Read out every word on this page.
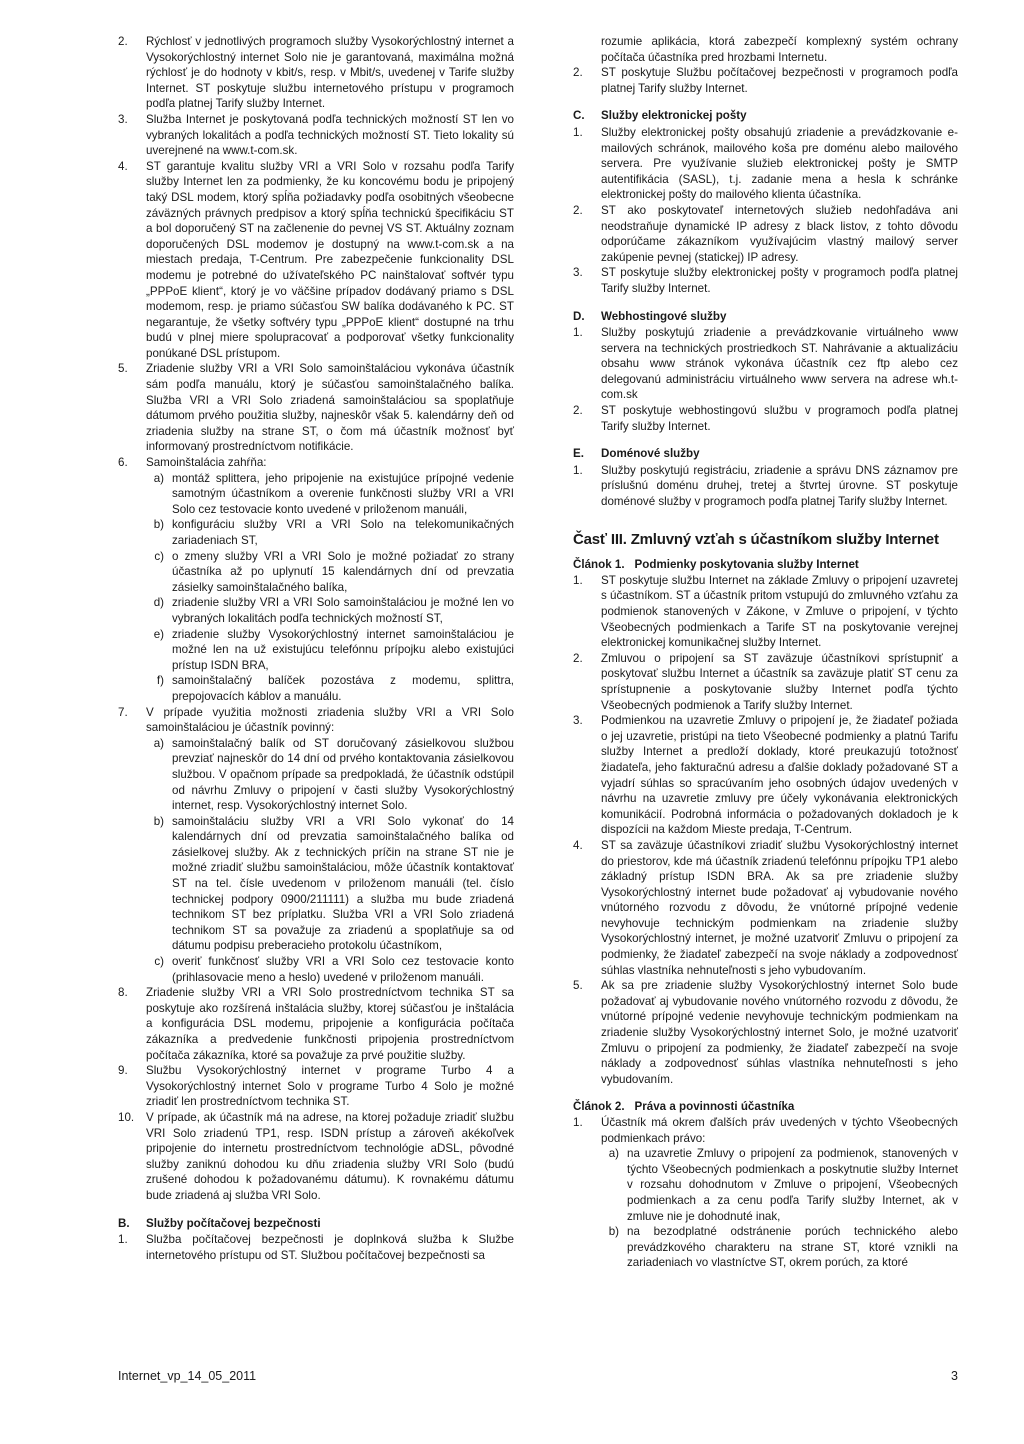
2.	Rýchlosť v jednotlivých programoch služby Vysokorýchlostný internet a Vysokorýchlostný internet Solo nie je garantovaná, maximálna možná rýchlosť je do hodnoty v kbit/s, resp. v Mbit/s, uvedenej v Tarife služby Internet. ST poskytuje službu internetového prístupu v programoch podľa platnej Tarify služby Internet.
3.	Služba Internet je poskytovaná podľa technických možností ST len vo vybraných lokalitách a podľa technických možností ST. Tieto lokality sú uverejnené na www.t-com.sk.
4.	ST garantuje kvalitu služby VRI a VRI Solo v rozsahu podľa Tarify služby Internet len za podmienky, že ku koncovému bodu je pripojený taký DSL modem, ktorý spĺňa požiadavky podľa osobitných všeobecne záväzných právnych predpisov a ktorý spĺňa technickú špecifikáciu ST a bol doporučený ST na začlenenie do pevnej VS ST. Aktuálny zoznam doporučených DSL modemov je dostupný na www.t-com.sk a na miestach predaja, T-Centrum. Pre zabezpečenie funkcionality DSL modemu je potrebné do užívateľského PC nainštalovať softvér typu „PPPoE klient“, ktorý je vo väčšine prípadov dodávaný priamo s DSL modemom, resp. je priamo súčasťou SW balíka dodávaného k PC. ST negarantuje, že všetky softvéry typu „PPPoE klient“ dostupné na trhu budú v plnej miere spolupracovať a podporovať všetky funkcionality ponúkané DSL prístupom.
5.	Zriadenie služby VRI a VRI Solo samoinštaláciou vykonáva účastník sám podľa manuálu, ktorý je súčasťou samoinštalačného balíka. Služba VRI a VRI Solo zriadená samoinštaláciou sa spoplatňuje dátumom prvého použitia služby, najneskôr však 5. kalendárny deň od zriadenia služby na strane ST, o čom má účastník možnosť byť informovaný prostredníctvom notifikácie.
6.	Samoinštalácia zahŕňa:
a) montáž splittera, jeho pripojenie na existujúce prípojné vedenie samotným účastníkom a overenie funkčnosti služby VRI a VRI Solo cez testovacie konto uvedené v priloženom manuáli,
b) konfiguráciu služby VRI a VRI Solo na telekomunikačných zariadeniach ST,
c) o zmeny služby VRI a VRI Solo je možné požiadať zo strany účastníka až po uplynutí 15 kalendárnych dní od prevzatia zásielky samoinštalačného balíka,
d) zriadenie služby VRI a VRI Solo samoinštaláciou je možné len vo vybraných lokalitách podľa technických možností ST,
e) zriadenie služby Vysokorýchlostný internet samoinštaláciou je možné len na už existujúcu telefónnu prípojku alebo existujúci prístup ISDN BRA,
f) samoinštalačný balíček pozostáva z modemu, splittra, prepojovacích káblov a manuálu.
7.	V prípade využitia možnosti zriadenia služby VRI a VRI Solo samoinštaláciou je účastník povinný:
a) samoinštalačný balík od ST doručovaný zásielkovou službou prevziať najneskôr do 14 dní od prvého kontaktovania zásielkovou službou. V opačnom prípade sa predpokladá, že účastník odstúpil od návrhu Zmluvy o pripojení v časti služby Vysokorýchlostný internet, resp. Vysokorýchlostný internet Solo.
b) samoinštaláciu služby VRI a VRI Solo vykonať do 14 kalendárnych dní od prevzatia samoinštalačného balíka od zásielkovej služby. Ak z technických príčin na strane ST nie je možné zriadiť službu samoinštaláciou, môže účastník kontaktovať ST na tel. čísle uvedenom v priloženom manuáli (tel. číslo technickej podpory 0900/211111) a služba mu bude zriadená technikom ST bez príplatku. Služba VRI a VRI Solo zriadená technikom ST sa považuje za zriadenú a spoplatňuje sa od dátumu podpisu preberacieho protokolu účastníkom,
c) overiť funkčnosť služby VRI a VRI Solo cez testovacie konto (prihlasovacie meno a heslo) uvedené v priloženom manuáli.
8.	Zriadenie služby VRI a VRI Solo prostredníctvom technika ST sa poskytuje ako rozšírená inštalácia služby, ktorej súčasťou je inštalácia a konfigurácia DSL modemu, pripojenie a konfigurácia počítača zákazníka a predvedenie funkčnosti pripojenia prostredníctvom počítača zákazníka, ktoré sa považuje za prvé použitie služby.
9.	Službu Vysokorýchlostný internet v programe Turbo 4 a Vysokorýchlostný internet Solo v programe Turbo 4 Solo je možné zriadiť len prostredníctvom technika ST.
10.	V prípade, ak účastník má na adrese, na ktorej požaduje zriadiť službu VRI Solo zriadenú TP1, resp. ISDN prístup a zároveň akékoľvek pripojenie do internetu prostredníctvom technológie aDSL, pôvodné služby zaniknú dohodou ku dňu zriadenia služby VRI Solo (budú zrušené dohodou k požadovanému dátumu). K rovnakému dátumu bude zriadená aj služba VRI Solo.
B.	Služby počítačovej bezpečnosti
1.	Služba počítačovej bezpečnosti je doplnková služba k Službe internetového prístupu od ST. Službou počítačovej bezpečnosti sa
rozumie aplikácia, ktorá zabezpečí komplexný systém ochrany počítača účastníka pred hrozbami Internetu.
2.	ST poskytuje Službu počítačovej bezpečnosti v programoch podľa platnej Tarify služby Internet.
C.	Služby elektronickej pošty
1.	Služby elektronickej pošty obsahujú zriadenie a prevádzkovanie e-mailových schránok, mailového koša pre doménu alebo mailového servera. Pre využívanie služieb elektronickej pošty je SMTP autentifikácia (SASL), t.j. zadanie mena a hesla k schránke elektronickej pošty do mailového klienta účastníka.
2.	ST ako poskytovateľ internetových služieb nedohľadáva ani neodstraňuje dynamické IP adresy z black listov, z tohto dôvodu odporúčame zákazníkom využívajúcim vlastný mailový server zakúpenie pevnej (statickej) IP adresy.
3.	ST poskytuje služby elektronickej pošty v programoch podľa platnej Tarify služby Internet.
D.	Webhostingové služby
1.	Služby poskytujú zriadenie a prevádzkovanie virtuálneho www servera na technických prostriedkoch ST. Nahrávanie a aktualizáciu obsahu www stránok vykonáva účastník cez ftp alebo cez delegovanú administráciu virtuálneho www servera na adrese wh.t-com.sk
2.	ST poskytuje webhostingovú službu v programoch podľa platnej Tarify služby Internet.
E.	Doménové služby
1.	Služby poskytujú registráciu, zriadenie a správu DNS záznamov pre príslušnú doménu druhej, tretej a štvrtej úrovne. ST poskytuje doménové služby v programoch podľa platnej Tarify služby Internet.
Časť III. Zmluvný vzťah s účastníkom služby Internet
Článok 1. Podmienky poskytovania služby Internet
1.	ST poskytuje službu Internet na základe Zmluvy o pripojení uzavretej s účastníkom. ST a účastník pritom vstupujú do zmluvného vzťahu za podmienok stanovených v Zákone, v Zmluve o pripojení, v týchto Všeobecných podmienkach a Tarife ST na poskytovanie verejnej elektronickej komunikačnej služby Internet.
2.	Zmluvou o pripojení sa ST zaväzuje účastníkovi sprístupniť a poskytovať službu Internet a účastník sa zaväzuje platiť ST cenu za sprístupnenie a poskytovanie služby Internet podľa týchto Všeobecných podmienok a Tarify služby Internet.
3.	Podmienkou na uzavretie Zmluvy o pripojení je, že žiadateľ požiada o jej uzavretie, pristúpi na tieto Všeobecné podmienky a platnú Tarifu služby Internet a predloží doklady, ktoré preukazujú totožnosť žiadateľa, jeho fakturačnú adresu a ďalšie doklady požadované ST a vyjadrí súhlas so spracúvaním jeho osobných údajov uvedených v návrhu na uzavretie zmluvy pre účely vykonávania elektronických komunikácií. Podrobná informácia o požadovaných dokladoch je k dispozícii na každom Mieste predaja, T-Centrum.
4.	ST sa zaväzuje účastníkovi zriadiť službu Vysokorýchlostný internet do priestorov, kde má účastník zriadenú telefónnu prípojku TP1 alebo základný prístup ISDN BRA. Ak sa pre zriadenie služby Vysokorýchlostný internet bude požadovať aj vybudovanie nového vnútorného rozvodu z dôvodu, že vnútorné prípojné vedenie nevyhovuje technickým podmienkam na zriadenie služby Vysokorýchlostný internet, je možné uzatvoriť Zmluvu o pripojení za podmienky, že žiadateľ zabezpečí na svoje náklady a zodpovednosť súhlas vlastníka nehnuteľnosti s jeho vybudovaním.
5.	Ak sa pre zriadenie služby Vysokorýchlostný internet Solo bude požadovať aj vybudovanie nového vnútorného rozvodu z dôvodu, že vnútorné prípojné vedenie nevyhovuje technickým podmienkam na zriadenie služby Vysokorýchlostný internet Solo, je možné uzatvoriť Zmluvu o pripojení za podmienky, že žiadateľ zabezpečí na svoje náklady a zodpovednosť súhlas vlastníka nehnuteľnosti s jeho vybudovaním.
Článok 2. Práva a povinnosti účastníka
1.	Účastník má okrem ďalších práv uvedených v týchto Všeobecných podmienkach právo:
a) na uzavretie Zmluvy o pripojení za podmienok, stanovených v týchto Všeobecných podmienkach a poskytnutie služby Internet v rozsahu dohodnutom v Zmluve o pripojení, Všeobecných podmienkach a za cenu podľa Tarify služby Internet, ak v zmluve nie je dohodnuté inak,
b) na bezodplatné odstránenie porúch technického alebo prevádzkového charakteru na strane ST, ktoré vznikli na zariadeniach vo vlastníctve ST, okrem porúch, za ktoré
Internet_vp_14_05_2011	3
